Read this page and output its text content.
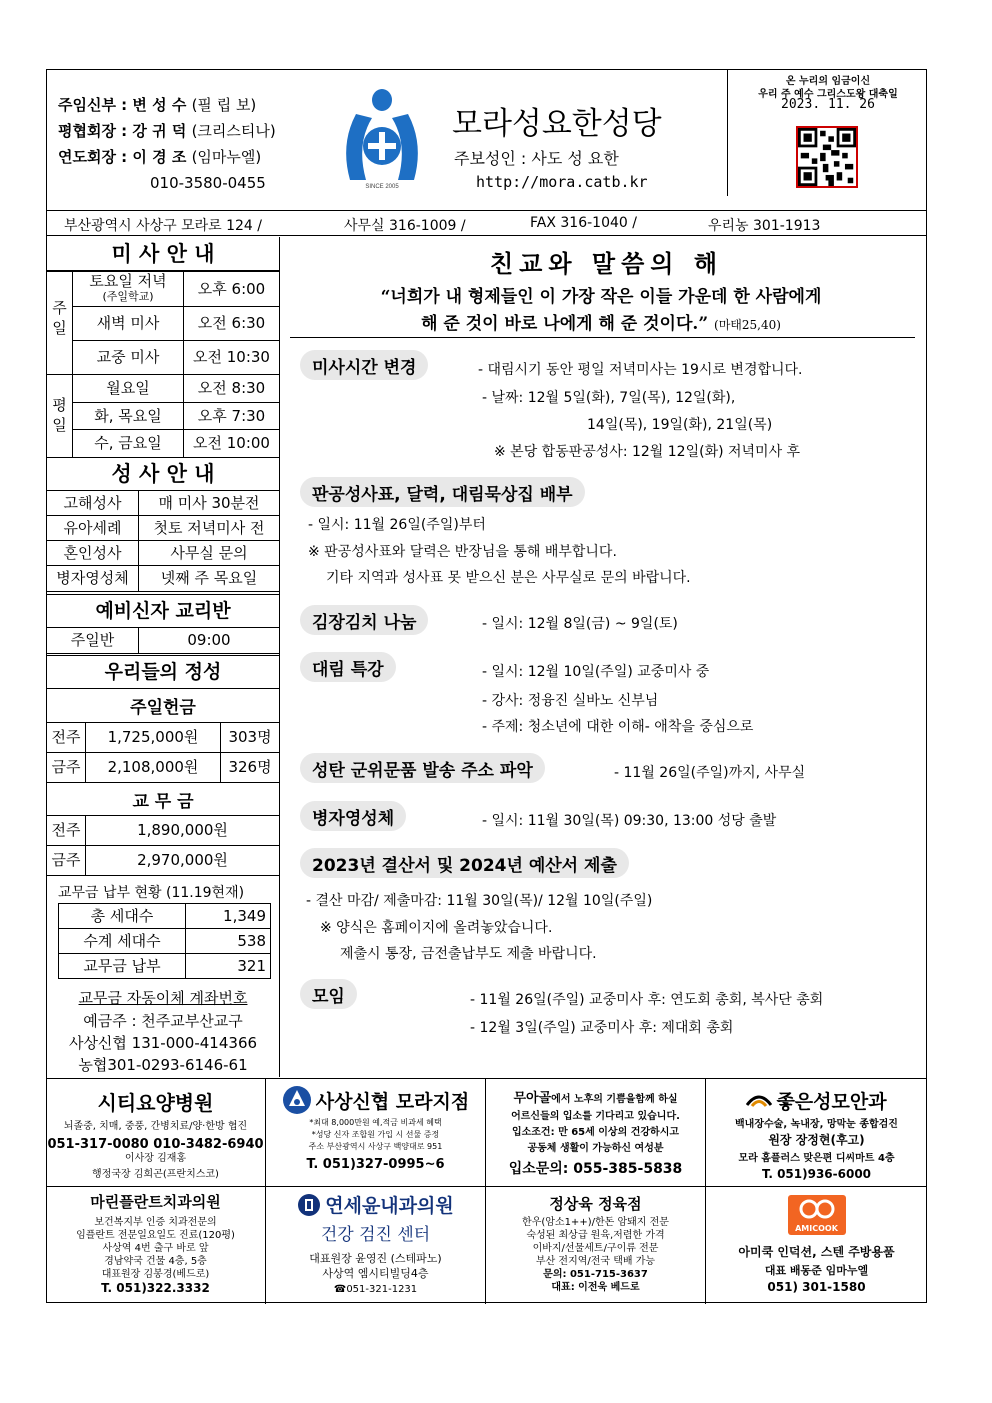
주임신부 : 변 성 수 (필 립 보)
평협회장 : 강 귀 덕 (크리스티나)
연도회장 : 이 경 조 (임마누엘)
010-3580-0455	SINCE 2005
모라성요한성당
주보성인 : 사도 성 요한
http://mora.catb.kr
온 누리의 임금이신
우리 주 예수 그리스도왕 대축일
2023. 11. 26
부산광역시 사상구 모라로 124 /	사무실 316-1009 /	FAX 316-1040 /	우리농 301-1913
미 사 안 내
주 일
토요일 저녁
(주일학교)	오후 6:00
새벽 미사	오전 6:30
교중 미사	오전 10:30
평 일
월요일	오전 8:30
화, 목요일	오후 7:30
수, 금요일	오전 10:00
성 사 안 내
고해성사	매 미사 30분전
유아세례	첫토 저녁미사 전
혼인성사	사무실 문의
병자영성체	넷째 주 목요일
예비신자 교리반
주일반	09:00
우리들의 정성
주일헌금
전주	1,725,000원	303명
금주	2,108,000원	326명
교 무 금
전주	1,890,000원
금주	2,970,000원
교무금 납부 현황 (11.19현재)
총 세대수	1,349
수계 세대수	538
교무금 납부	321
교무금 자동이체 계좌번호
예금주 : 천주교부산교구
사상신협 131-000-414366
농협301-0293-6146-61
친교와 말씀의 해
“너희가 내 형제들인 이 가장 작은 이들 가운데 한 사람에게
해 준 것이 바로 나에게 해 준 것이다.” (마태25,40)
미사시간 변경	- 대림시기 동안 평일 저녁미사는 19시로 변경합니다.
- 날짜: 12월 5일(화), 7일(목), 12일(화),
14일(목), 19일(화), 21일(목)
※ 본당 합동판공성사: 12월 12일(화) 저녁미사 후
판공성사표, 달력, 대림묵상집 배부
- 일시: 11월 26일(주일)부터
※ 판공성사표와 달력은 반장님을 통해 배부합니다.
기타 지역과 성사표 못 받으신 분은 사무실로 문의 바랍니다.
김장김치 나눔	- 일시: 12월 8일(금) ~ 9일(토)
대림 특강	- 일시: 12월 10일(주일) 교중미사 중
- 강사: 정융진 실바노 신부님
- 주제: 청소년에 대한 이해- 애착을 중심으로
성탄 군위문품 발송 주소 파악	- 11월 26일(주일)까지, 사무실
병자영성체	- 일시: 11월 30일(목) 09:30, 13:00 성당 출발
2023년 결산서 및 2024년 예산서 제출
- 결산 마감/ 제출마감: 11월 30일(목)/ 12월 10일(주일)
※ 양식은 홈페이지에 올려놓았습니다.
제출시 통장, 금전출납부도 제출 바랍니다.
모임	- 11월 26일(주일) 교중미사 후: 연도회 총회, 복사단 총회
- 12월 3일(주일) 교중미사 후: 제대회 총회
시티요양병원
뇌졸중, 치매, 중풍, 간병치료/양·한방 협진
051-317-0080 010-3482-6940
이사장 김재홍
행정국장 김희곤(프란치스코)
사상신협 모라지점
*최대 8,000만원 예,적금 비과세 혜택
*성당 신자 조합원 가입 시 선물 증정
주소 부산광역시 사상구 백양대로 951
T. 051)327-0995~6
무아골에서 노후의 기쁨을함께 하실
어르신들의 입소를 기다리고 있습니다.
입소조건: 만 65세 이상의 건강하시고
공동체 생활이 가능하신 여성분
입소문의: 055-385-5838
좋은성모안과
백내장수술, 녹내장, 망막눈 종합검진
원장 장정현(후고)
모라 홈플러스 맞은편 디씨마트 4층
T. 051)936-6000
마린플란트치과의원
보건복지부 인증 치과전문의
임플란트 전문일요일도 진료(120평)
사상역 4번 출구 바로 앞
경남약국 건물 4층, 5층
대표원장 김봉경(베드로)
T. 051)322.3332
연세윤내과의원
건강 검진 센터
대표원장 윤영진 (스테파노)
사상역 엠시티빌딩4층
☎051-321-1231
정상육 정육점
한우(암소1++)/한돈 암돼지 전문
숙성된 최상급 원육,저렴한 가격
이바지/선물세트/구이류 전문
부산 전지역/전국 택배 가능
문의: 051-715-3637
대표: 이전욱 베드로
AMICOOK
아미쿡 인덕션, 스텐 주방용품
대표 배동준 임마누엘
051) 301-1580
